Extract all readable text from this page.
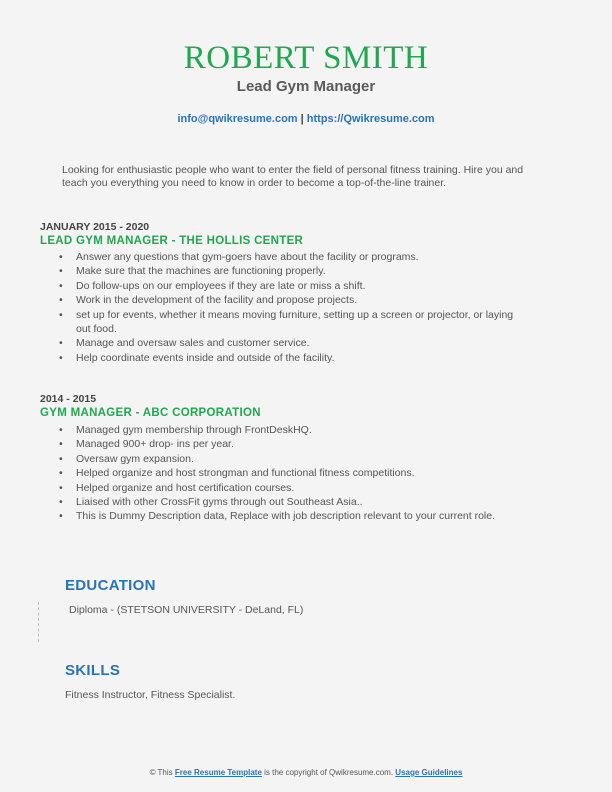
ROBERT SMITH
Lead Gym Manager
info@qwikresume.com | https://Qwikresume.com
Looking for enthusiastic people who want to enter the field of personal fitness training. Hire you and teach you everything you need to know in order to become a top-of-the-line trainer.
JANUARY 2015 - 2020
LEAD GYM MANAGER - THE HOLLIS CENTER
• Answer any questions that gym-goers have about the facility or programs.
• Make sure that the machines are functioning properly.
• Do follow-ups on our employees if they are late or miss a shift.
• Work in the development of the facility and propose projects.
• set up for events, whether it means moving furniture, setting up a screen or projector, or laying out food.
• Manage and oversaw sales and customer service.
• Help coordinate events inside and outside of the facility.
2014 - 2015
GYM MANAGER - ABC CORPORATION
• Managed gym membership through FrontDeskHQ.
• Managed 900+ drop- ins per year.
• Oversaw gym expansion.
• Helped organize and host strongman and functional fitness competitions.
• Helped organize and host certification courses.
• Liaised with other CrossFit gyms through out Southeast Asia..
• This is Dummy Description data, Replace with job description relevant to your current role.
EDUCATION
Diploma - (STETSON UNIVERSITY - DeLand, FL)
SKILLS
Fitness Instructor, Fitness Specialist.
© This Free Resume Template is the copyright of Qwikresume.com. Usage Guidelines
